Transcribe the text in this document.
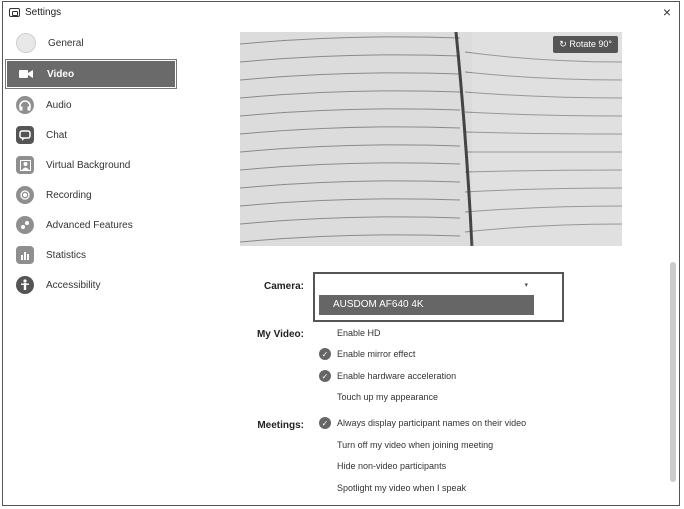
Settings	×
General
Video
Audio
Chat
Virtual Background
Recording
Advanced Features
Statistics
Accessibility
↻ Rotate 90°
Camera:	▾
AUSDOM AF640 4K
My Video:	Enable HD
✓ Enable mirror effect
✓ Enable hardware acceleration
Touch up my appearance
Meetings:	✓ Always display participant names on their video
Turn off my video when joining meeting
Hide non-video participants
Spotlight my video when I speak
